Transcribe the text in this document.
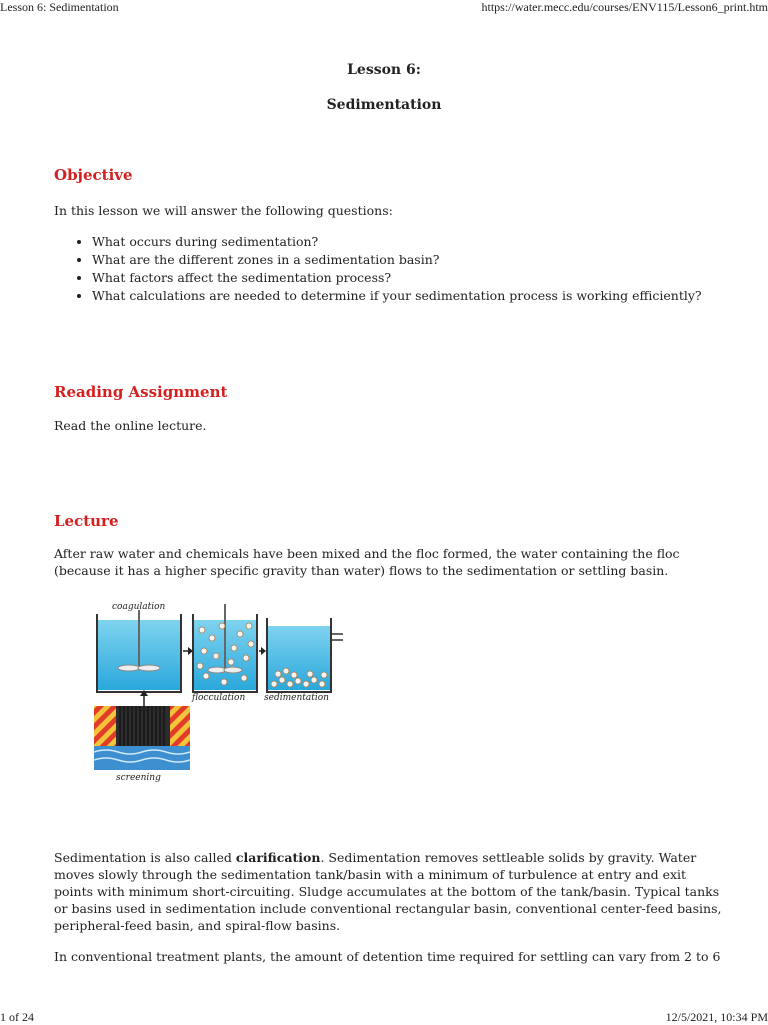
Lesson 6: Sedimentation	https://water.mecc.edu/courses/ENV115/Lesson6_print.htm
Lesson 6:
Sedimentation
Objective
In this lesson we will answer the following questions:
• What occurs during sedimentation?
• What are the different zones in a sedimentation basin?
• What factors affect the sedimentation process?
• What calculations are needed to determine if your sedimentation process is working efficiently?
Reading Assignment
Read the online lecture.
Lecture
After raw water and chemicals have been mixed and the floc formed, the water containing the floc (because it has a higher specific gravity than water) flows to the sedimentation or settling basin.
coagulation
flocculation sedimentation
screening
Sedimentation is also called clarification. Sedimentation removes settleable solids by gravity. Water moves slowly through the sedimentation tank/basin with a minimum of turbulence at entry and exit points with minimum short-circuiting. Sludge accumulates at the bottom of the tank/basin. Typical tanks or basins used in sedimentation include conventional rectangular basin, conventional center-feed basins, peripheral-feed basin, and spiral-flow basins.
In conventional treatment plants, the amount of detention time required for settling can vary from 2 to 6
1 of 24	12/5/2021, 10:34 PM
